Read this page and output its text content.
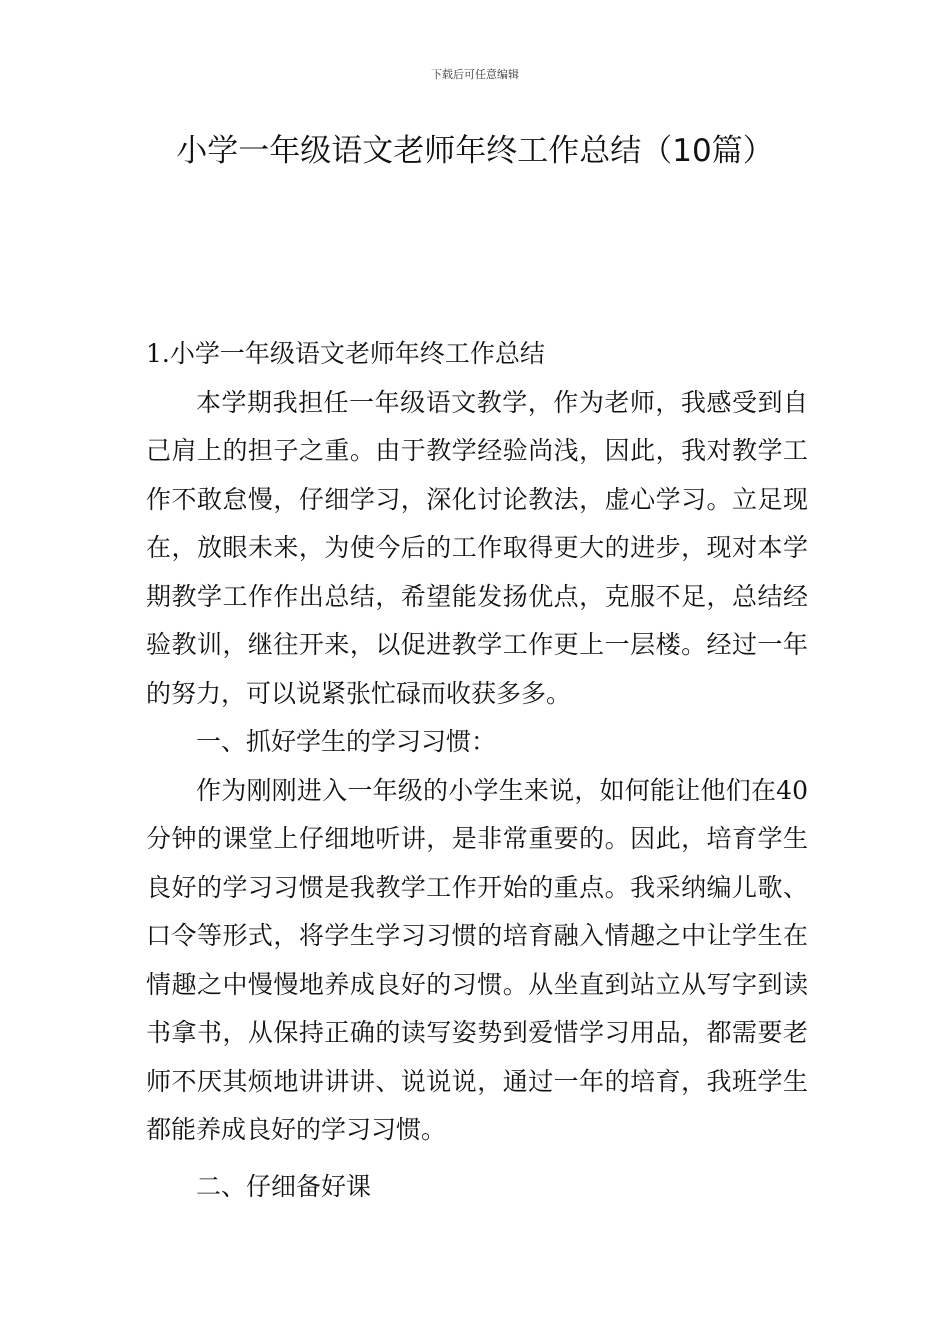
下载后可任意编辑
小学一年级语文老师年终工作总结（10篇）

1.小学一年级语文老师年终工作总结

本学期我担任一年级语文教学，作为老师，我感受到自己肩上的担子之重。由于教学经验尚浅，因此，我对教学工作不敢怠慢，仔细学习，深化讨论教法，虚心学习。立足现在，放眼未来，为使今后的工作取得更大的进步，现对本学期教学工作作出总结，希望能发扬优点，克服不足，总结经验教训，继往开来，以促进教学工作更上一层楼。经过一年的努力，可以说紧张忙碌而收获多多。

一、抓好学生的学习习惯：

作为刚刚进入一年级的小学生来说，如何能让他们在40分钟的课堂上仔细地听讲，是非常重要的。因此，培育学生良好的学习习惯是我教学工作开始的重点。我采纳编儿歌、口令等形式，将学生学习习惯的培育融入情趣之中让学生在情趣之中慢慢地养成良好的习惯。从坐直到站立从写字到读书拿书，从保持正确的读写姿势到爱惜学习用品，都需要老师不厌其烦地讲讲讲、说说说，通过一年的培育，我班学生都能养成良好的学习习惯。

二、仔细备好课
